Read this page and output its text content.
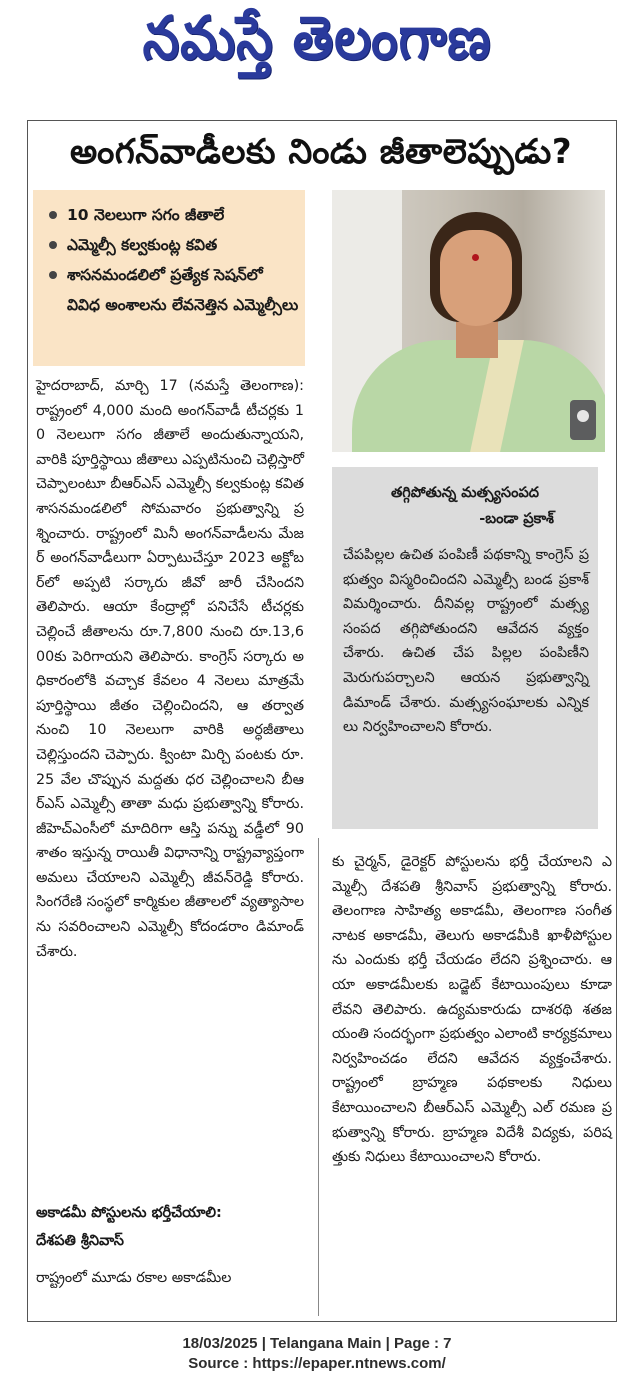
నమస్తే తెలంగాణ
అంగన్‌వాడీలకు నిండు జీతాలెప్పుడు?
10 నెలలుగా సగం జీతాలే
ఎమ్మెల్సీ కల్వకుంట్ల కవిత
శాసనమండలిలో ప్రత్యేక సెషన్‌లో వివిధ అంశాలను లేవనెత్తిన ఎమ్మెల్సీలు
హైదరాబాద్, మార్చి 17 (నమస్తే తెలంగాణ): రాష్ట్రంలో 4,000 మంది అంగన్‌వాడీ టీచర్లకు 10 నెలలుగా సగం జీతాలే అందుతున్నాయని, వారికి పూర్తిస్థాయి జీతాలు ఎప్పటినుంచి చెల్లిస్తారో చెప్పాలంటూ బీఆర్‌ఎస్ ఎమ్మెల్సీ కల్వకుంట్ల కవిత శాసనమండలిలో సోమవారం ప్రభుత్వాన్ని ప్రశ్నించారు. రాష్ట్రంలో మినీ అంగన్‌వాడీలను మేజర్ అంగన్‌వాడీలుగా ఏర్పాటుచేస్తూ 2023 అక్టోబర్‌లో అప్పటి సర్కారు జీవో జారీ చేసిందని తెలిపారు. ఆయా కేంద్రాల్లో పనిచేసే టీచర్లకు చెల్లించే జీతాలను రూ.7,800 నుంచి రూ.13,600కు పెరిగాయని తెలిపారు. కాంగ్రెస్ సర్కారు అధికారంలోకి వచ్చాక కేవలం 4 నెలలు మాత్రమే పూర్తిస్థాయి జీతం చెల్లించిందని, ఆ తర్వాత నుంచి 10 నెలలుగా వారికి అర్ధజీతాలు చెల్లిస్తుందని చెప్పారు. క్వింటా మిర్చి పంటకు రూ.25 వేల చొప్పున మద్దతు ధర చెల్లించాలని బీఆర్‌ఎస్ ఎమ్మెల్సీ తాతా మధు ప్రభుత్వాన్ని కోరారు. జీహెచ్‌ఎంసీలో మాదిరిగా ఆస్తి పన్ను వడ్డీలో 90 శాతం ఇస్తున్న రాయితీ విధానాన్ని రాష్ట్రవ్యాప్తంగా అమలు చేయాలని ఎమ్మెల్సీ జీవన్‌రెడ్డి కోరారు. సింగరేణి సంస్థలో కార్మికుల జీతాలలో వ్యత్యాసాలను సవరించాలని ఎమ్మెల్సీ కోదండరాం డిమాండ్ చేశారు.
తగ్గిపోతున్న మత్స్యసంపద
-బండా ప్రకాశ్
చేపపిల్లల ఉచిత పంపిణీ పథకాన్ని కాంగ్రెస్ ప్రభుత్వం విస్మరించిందని ఎమ్మెల్సీ బండ ప్రకాశ్ విమర్శించారు. దీనివల్ల రాష్ట్రంలో మత్స్య సంపద తగ్గిపోతుందని ఆవేదన వ్యక్తం చేశారు. ఉచిత చేప పిల్లల పంపిణీని మెరుగుపర్చాలని ఆయన ప్రభుత్వాన్ని డిమాండ్ చేశారు. మత్స్యసంఘాలకు ఎన్నికలు నిర్వహించాలని కోరారు.
కు చైర్మన్, డైరెక్టర్ పోస్టులను భర్తీ చేయాలని ఎమ్మెల్సీ దేశపతి శ్రీనివాస్ ప్రభుత్వాన్ని కోరారు. తెలంగాణ సాహిత్య అకాడమీ, తెలంగాణ సంగీత నాటక అకాడమీ, తెలుగు అకాడమీకి ఖాళీపోస్టులను ఎందుకు భర్తీ చేయడం లేదని ప్రశ్నించారు. ఆయా అకాడమీలకు బడ్జెట్ కేటాయింపులు కూడా లేవని తెలిపారు. ఉద్యమకారుడు దాశరథి శతజయంతి సందర్భంగా ప్రభుత్వం ఎలాంటి కార్యక్రమాలు నిర్వహించడం లేదని ఆవేదన వ్యక్తంచేశారు. రాష్ట్రంలో బ్రాహ్మణ పథకాలకు నిధులు కేటాయించాలని బీఆర్‌ఎస్ ఎమ్మెల్సీ ఎల్ రమణ ప్రభుత్వాన్ని కోరారు. బ్రాహ్మణ విదేశీ విద్యకు, పరిషత్తుకు నిధులు కేటాయించాలని కోరారు.
అకాడమీ పోస్టులను భర్తీచేయాలి:
దేశపతి శ్రీనివాస్
రాష్ట్రంలో మూడు రకాల అకాడమీల
18/03/2025 | Telangana Main | Page : 7
Source : https://epaper.ntnews.com/
